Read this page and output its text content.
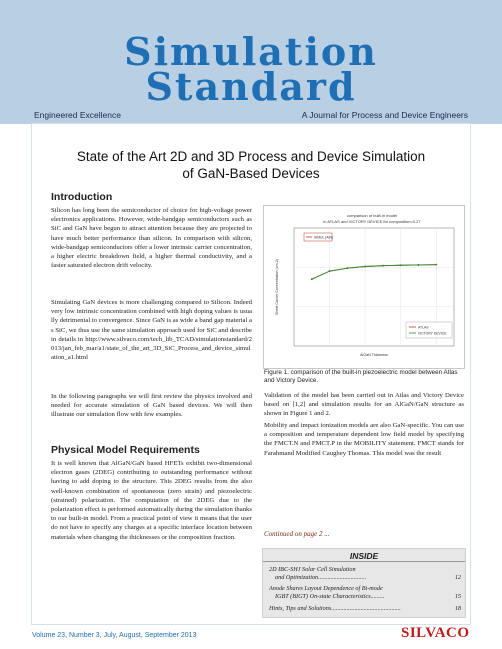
Simulation
Standard
Engineered Excellence	A Journal for Process and Device Engineers
State of the Art 2D and 3D Process and Device Simulation
of GaN-Based Devices
Introduction
Silicon has long been the semiconductor of choice for high-voltage power electronics applications. However, wide-bandgap semiconductors such as SiC and GaN have begun to attract attention because they are projected to have much better performance than silicon. In comparison with silicon, wide-bandgap semiconductors offer a lower intrinsic carrier concentration, a higher electric breakdown field, a higher thermal conductivity, and a faster saturated electron drift velocity.
Simulating GaN devices is more challenging compared to Silicon. Indeed very low intrinsic concentration combined with high doping values is usually detrimental to convergence. Since GaN is as wide a band gap material as SiC, we thus use the same simulation approach used for SiC and describe in details in http://www.silvaco.com/tech_lib_TCAD/simulationstandard/2013/jan_feb_mar/a1/state_of_the_art_3D_SiC_Process_and_device_simulation_a1.html
In the following paragraphs we will first review the physics involved and needed for accurate simulation of GaN based devices. We will then illustrate our simulation flow with few examples.
Physical Model Requirements
It is well known that AlGaN/GaN based HFETs exhibit two-dimensional electron gases (2DEG) contributing to outstanding performance without having to add doping to the structure. This 2DEG results from the also well-known combination of spontaneous (zero strain) and piezoelectric (strained) polarization. The computation of the 2DEG due to the polarization effect is performed automatically during the simulation thanks to our built-in model. From a practical point of view it means that the user do not have to specify any charges at a specific interface location between materials when changing the thicknesses or the composition fraction.
comparison of built-in model
in ATLAS and VICTORY DEVICE for composition=0.27
SIMUL (AlN)
ATLAS
VICTORY DEVICE
AlGaN Thickness
Sheet Carrier Concentration (cm-2)
Figure 1. comparison of the built-in piezoelectric model between Atlas and Victory Device.
Validation of the model has been carried out in Atlas and Victory Device based on [1,2] and simulation results for an AlGaN/GaN structure as shown in Figure 1 and 2.
Mobility and impact ionization models are also GaN-specific. You can use a composition and temperature dependent low field model by specifying the FMCT.N and FMCT.P in the MOBILITY statement. FMCT stands for Farahmand Modified Caughey Thomas. This model was the result
Continued on page 2 ...
INSIDE
2D IBC-SHJ Solar Cell Simulation
and Optimization...............................	12
Anode Shares Layout Dependence of Bi-mode
IGBT (BIGT) On-state Characteristics.........	15
Hints, Tips and Solutions.............................................	18
Volume 23, Number 3, July, August, September 2013	SILVACO
